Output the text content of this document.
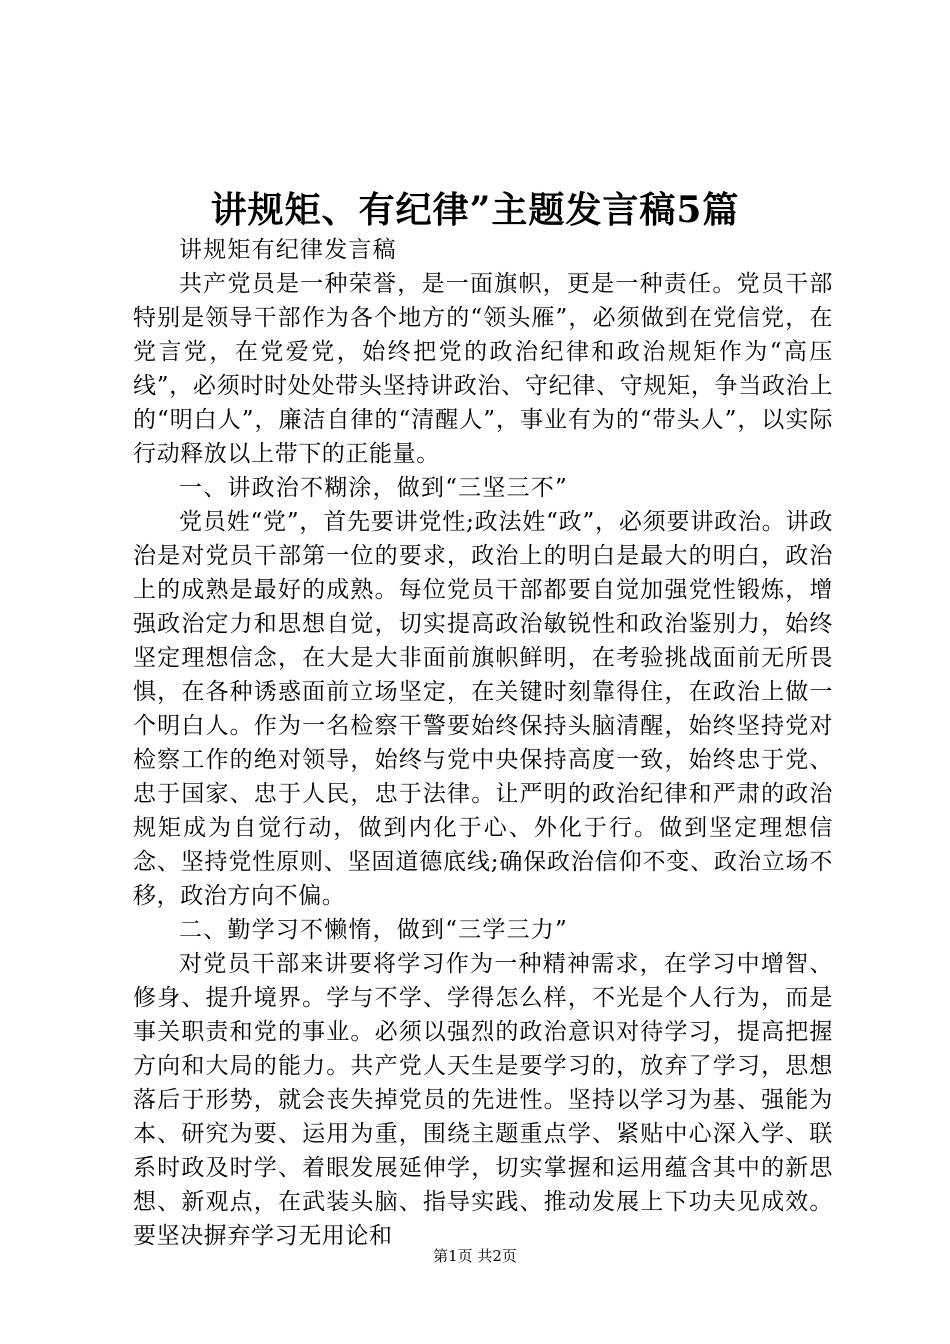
讲规矩、有纪律”主题发言稿5篇

讲规矩有纪律发言稿

共产党员是一种荣誉，是一面旗帜，更是一种责任。党员干部特别是领导干部作为各个地方的“领头雁”，必须做到在党信党，在党言党，在党爱党，始终把党的政治纪律和政治规矩作为“高压线”，必须时时处处带头坚持讲政治、守纪律、守规矩，争当政治上的“明白人”，廉洁自律的“清醒人”，事业有为的“带头人”，以实际行动释放以上带下的正能量。

一、讲政治不糊涂，做到“三坚三不”

党员姓“党”，首先要讲党性;政法姓“政”，必须要讲政治。讲政治是对党员干部第一位的要求，政治上的明白是最大的明白，政治上的成熟是最好的成熟。每位党员干部都要自觉加强党性锻炼，增强政治定力和思想自觉，切实提高政治敏锐性和政治鉴别力，始终坚定理想信念，在大是大非面前旗帜鲜明，在考验挑战面前无所畏惧，在各种诱惑面前立场坚定，在关键时刻靠得住，在政治上做一个明白人。作为一名检察干警要始终保持头脑清醒，始终坚持党对检察工作的绝对领导，始终与党中央保持高度一致，始终忠于党、忠于国家、忠于人民，忠于法律。让严明的政治纪律和严肃的政治规矩成为自觉行动，做到内化于心、外化于行。做到坚定理想信念、坚持党性原则、坚固道德底线;确保政治信仰不变、政治立场不移，政治方向不偏。

二、勤学习不懒惰，做到“三学三力”

对党员干部来讲要将学习作为一种精神需求，在学习中增智、修身、提升境界。学与不学、学得怎么样，不光是个人行为，而是事关职责和党的事业。必须以强烈的政治意识对待学习，提高把握方向和大局的能力。共产党人天生是要学习的，放弃了学习，思想落后于形势，就会丧失掉党员的先进性。坚持以学习为基、强能为本、研究为要、运用为重，围绕主题重点学、紧贴中心深入学、联系时政及时学、着眼发展延伸学，切实掌握和运用蕴含其中的新思想、新观点，在武装头脑、指导实践、推动发展上下功夫见成效。要坚决摒弃学习无用论和

第1页 共2页
